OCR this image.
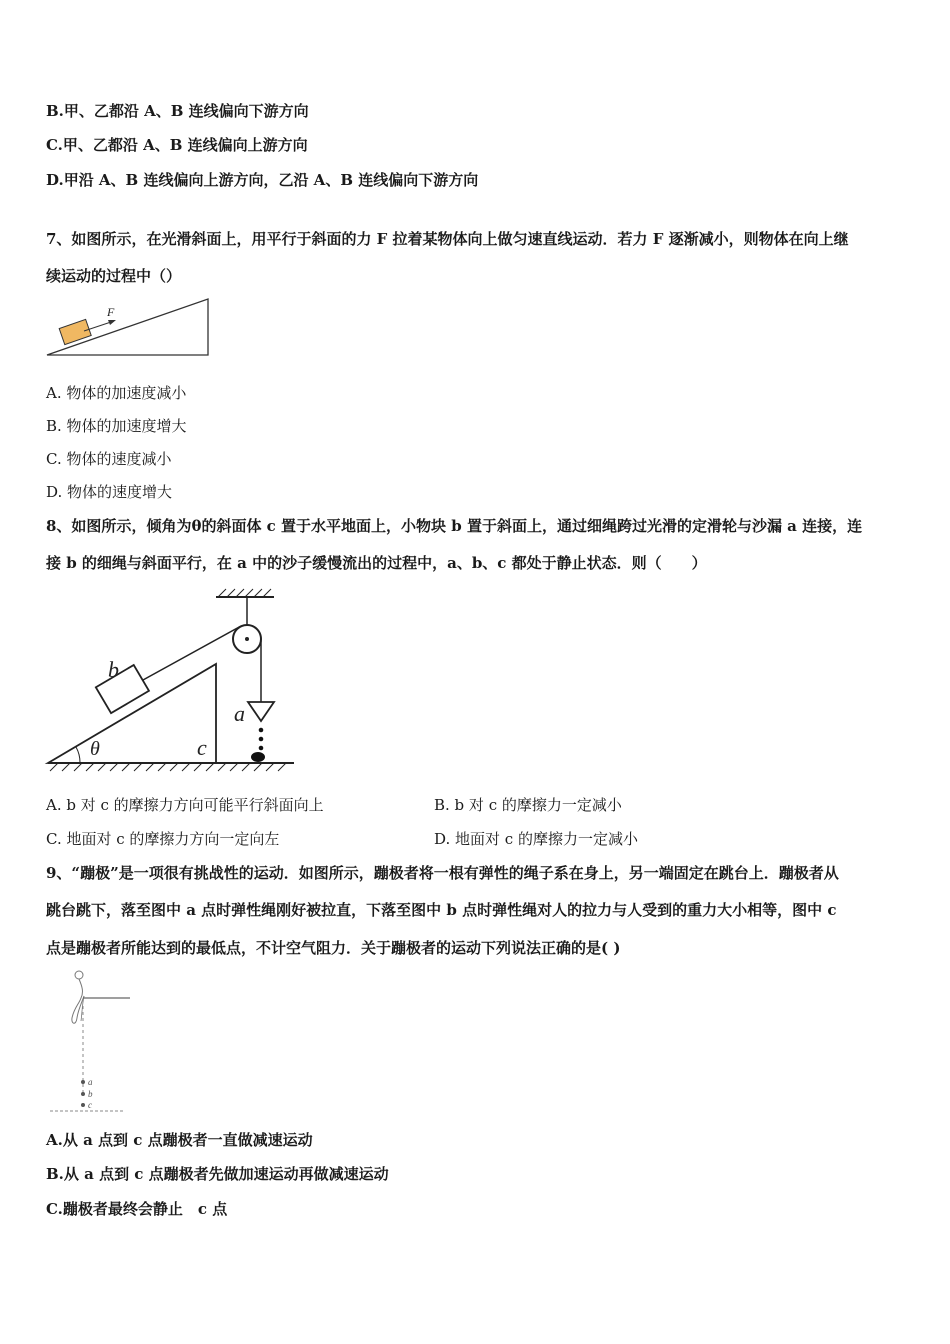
B.甲、乙都沿 A、B 连线偏向下游方向
C.甲、乙都沿 A、B 连线偏向上游方向
D.甲沿 A、B 连线偏向上游方向，乙沿 A、B 连线偏向下游方向
7、如图所示，在光滑斜面上，用平行于斜面的力 F 拉着某物体向上做匀速直线运动．若力 F 逐渐减小，则物体在向上继
续运动的过程中（）
F
A. 物体的加速度减小
B. 物体的加速度增大
C. 物体的速度减小
D. 物体的速度增大
8、如图所示，倾角为θ的斜面体 c 置于水平地面上，小物块 b 置于斜面上，通过细绳跨过光滑的定滑轮与沙漏 a 连接，连
接 b 的细绳与斜面平行，在 a 中的沙子缓慢流出的过程中，a、b、c 都处于静止状态．则（　　）
b
a
θ	c
A. b 对 c 的摩擦力方向可能平行斜面向上	B. b 对 c 的摩擦力一定减小
C. 地面对 c 的摩擦力方向一定向左	D. 地面对 c 的摩擦力一定减小
9、“蹦极”是一项很有挑战性的运动．如图所示，蹦极者将一根有弹性的绳子系在身上，另一端固定在跳台上．蹦极者从
跳台跳下，落至图中 a 点时弹性绳刚好被拉直，下落至图中 b 点时弹性绳对人的拉力与人受到的重力大小相等，图中 c
点是蹦极者所能达到的最低点，不计空气阻力．关于蹦极者的运动下列说法正确的是( )
a
b
c
A.从 a 点到 c 点蹦极者一直做减速运动
B.从 a 点到 c 点蹦极者先做加速运动再做减速运动
C.蹦极者最终会静止　c 点
